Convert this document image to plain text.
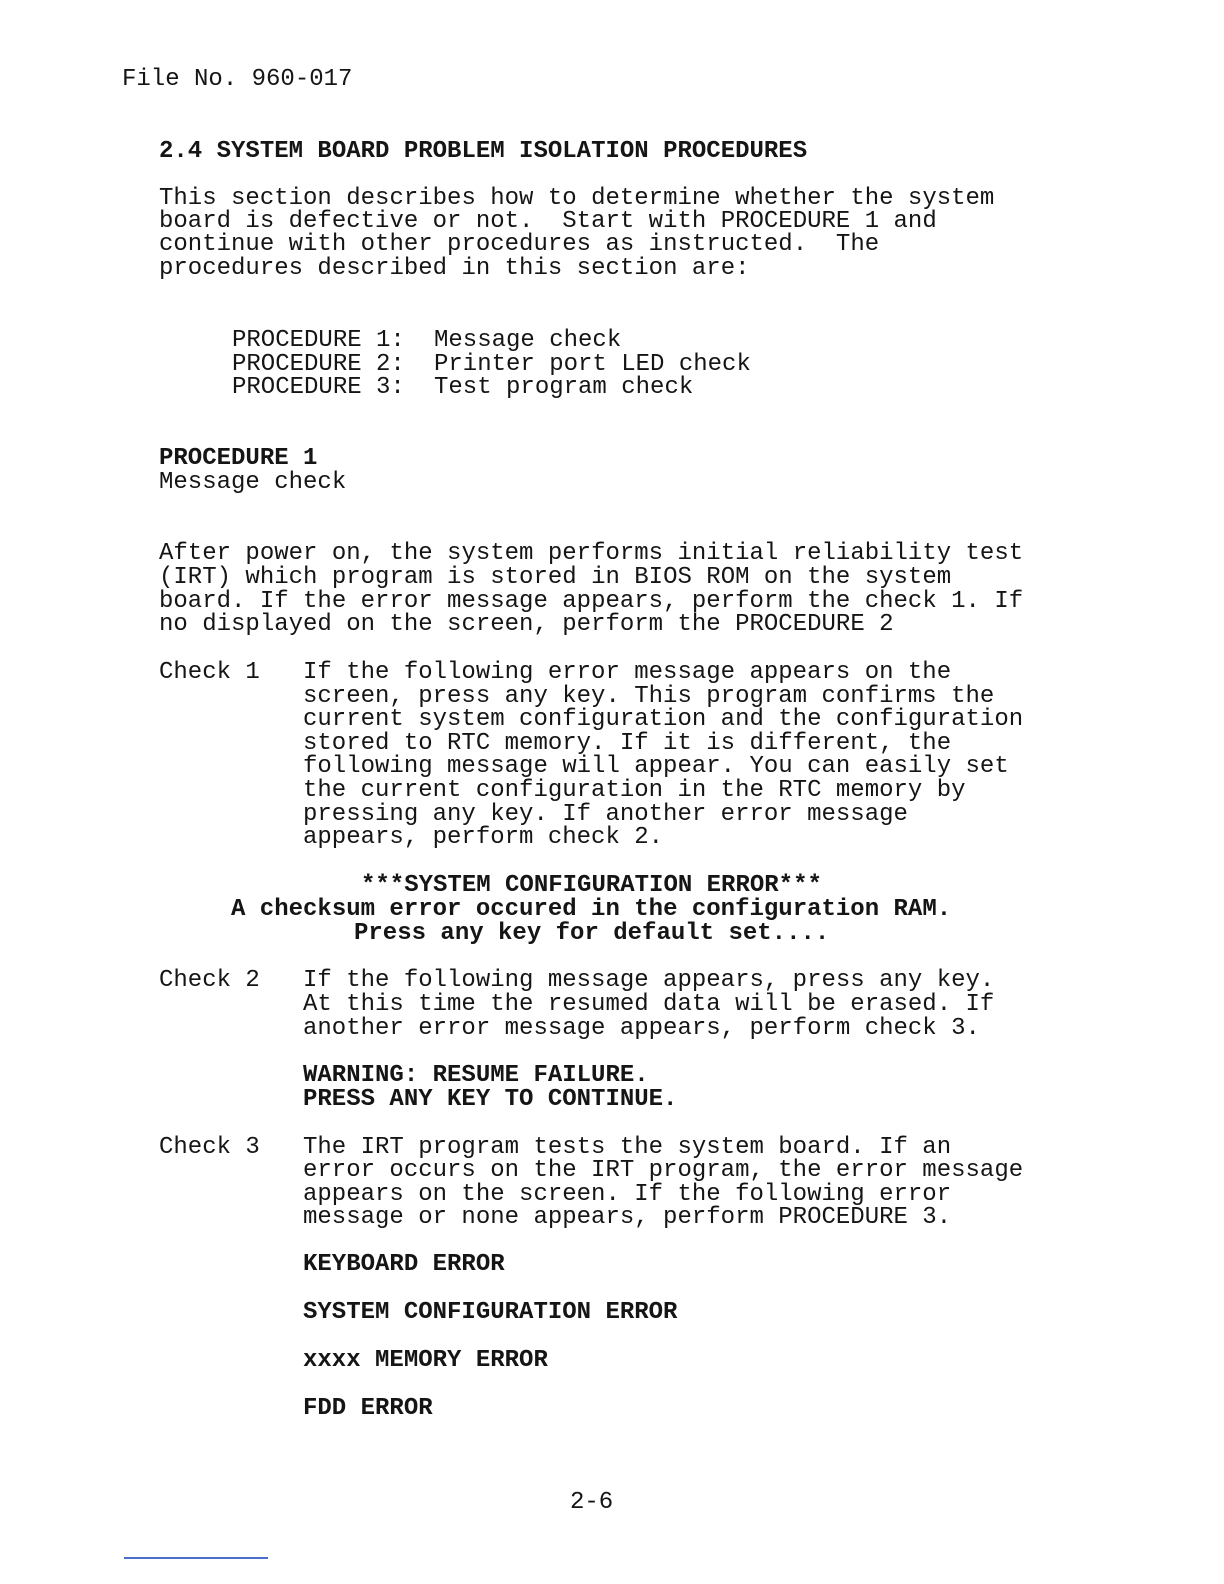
File No. 960-017
2.4 SYSTEM BOARD PROBLEM ISOLATION PROCEDURES
This section describes how to determine whether the system
board is defective or not.  Start with PROCEDURE 1 and
continue with other procedures as instructed.  The
procedures described in this section are:
PROCEDURE 1: Message check
PROCEDURE 2: Printer port LED check
PROCEDURE 3: Test program check
PROCEDURE 1
Message check
After power on, the system performs initial reliability test
(IRT) which program is stored in BIOS ROM on the system
board. If the error message appears, perform the check 1. If
no displayed on the screen, perform the PROCEDURE 2
Check 1 If the following error message appears on the
screen, press any key. This program confirms the
current system configuration and the configuration
stored to RTC memory. If it is different, the
following message will appear. You can easily set
the current configuration in the RTC memory by
pressing any key. If another error message
appears, perform check 2.
***SYSTEM CONFIGURATION ERROR***
A checksum error occured in the configuration RAM.
Press any key for default set....
Check 2 If the following message appears, press any key.
At this time the resumed data will be erased. If
another error message appears, perform check 3.
WARNING: RESUME FAILURE.
PRESS ANY KEY TO CONTINUE.
Check 3 The IRT program tests the system board. If an
error occurs on the IRT program, the error message
appears on the screen. If the following error
message or none appears, perform PROCEDURE 3.
KEYBOARD ERROR
SYSTEM CONFIGURATION ERROR
xxxx MEMORY ERROR
FDD ERROR
2-6
